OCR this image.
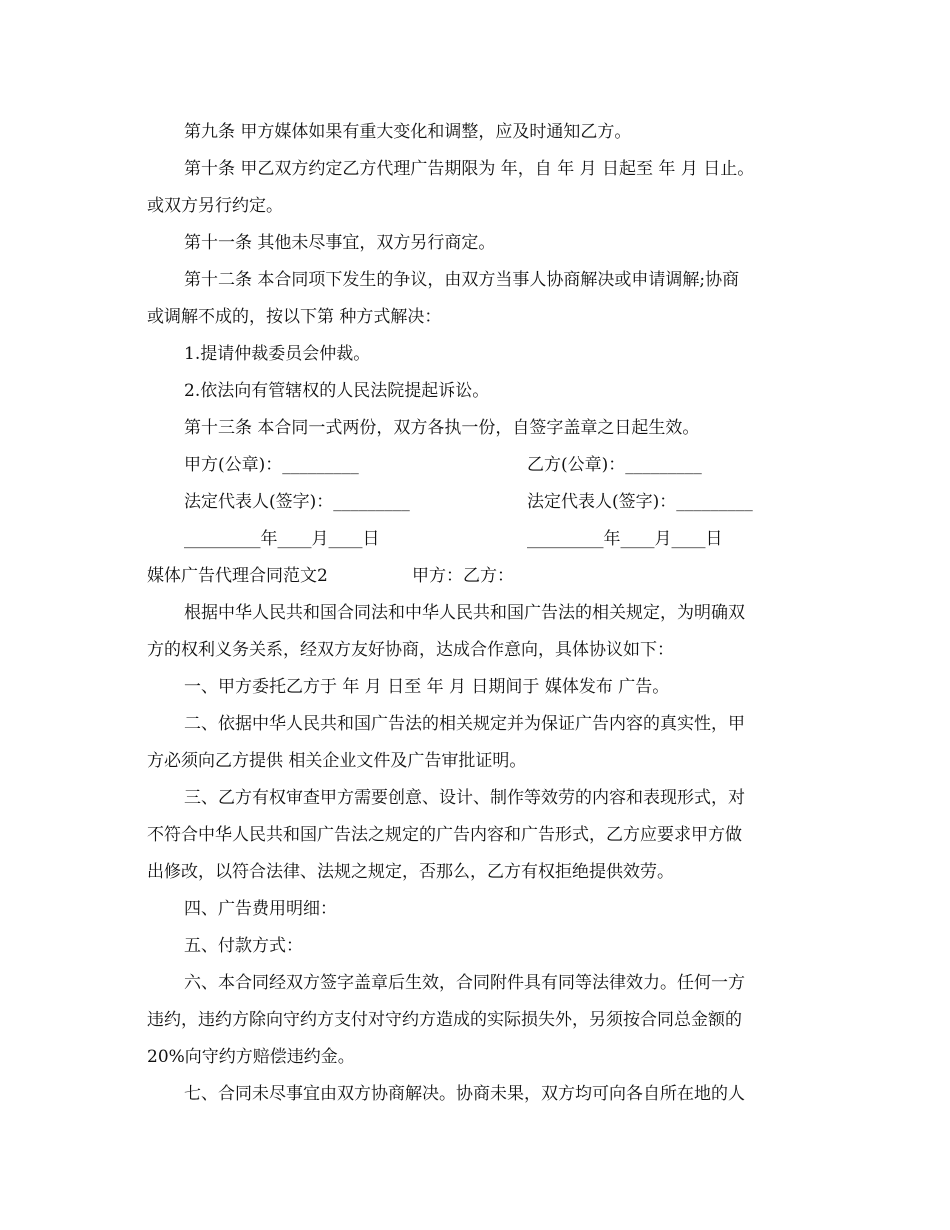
第九条 甲方媒体如果有重大变化和调整，应及时通知乙方。
第十条 甲乙双方约定乙方代理广告期限为 年，自 年 月 日起至 年 月 日止。
或双方另行约定。
第十一条 其他未尽事宜，双方另行商定。
第十二条 本合同项下发生的争议，由双方当事人协商解决或申请调解;协商
或调解不成的，按以下第 种方式解决：
1.提请仲裁委员会仲裁。
2.依法向有管辖权的人民法院提起诉讼。
第十三条 本合同一式两份，双方各执一份，自签字盖章之日起生效。
甲方(公章)：_________	乙方(公章)：_________
法定代表人(签字)：_________	法定代表人(签字)：_________
_________年____月____日	_________年____月____日
媒体广告代理合同范文2	甲方：乙方：
根据中华人民共和国合同法和中华人民共和国广告法的相关规定，为明确双
方的权利义务关系，经双方友好协商，达成合作意向，具体协议如下：
一、甲方委托乙方于 年 月 日至 年 月 日期间于 媒体发布 广告。
二、依据中华人民共和国广告法的相关规定并为保证广告内容的真实性，甲
方必须向乙方提供 相关企业文件及广告审批证明。
三、乙方有权审查甲方需要创意、设计、制作等效劳的内容和表现形式，对
不符合中华人民共和国广告法之规定的广告内容和广告形式，乙方应要求甲方做
出修改，以符合法律、法规之规定，否那么，乙方有权拒绝提供效劳。
四、广告费用明细：
五、付款方式：
六、本合同经双方签字盖章后生效，合同附件具有同等法律效力。任何一方
违约，违约方除向守约方支付对守约方造成的实际损失外，另须按合同总金额的
20%向守约方赔偿违约金。
七、合同未尽事宜由双方协商解决。协商未果，双方均可向各自所在地的人
